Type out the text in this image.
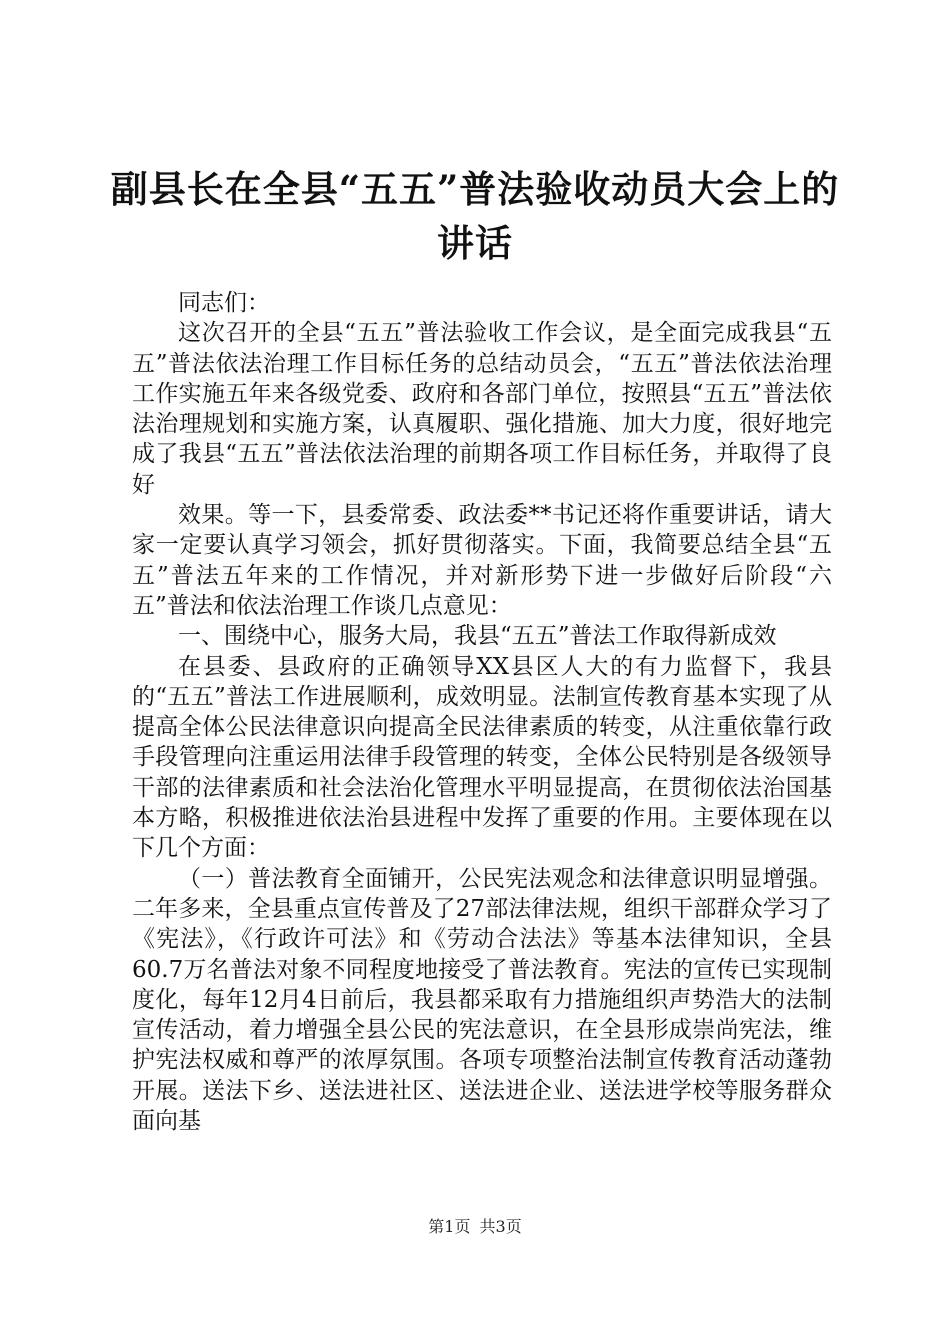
副县长在全县“五五”普法验收动员大会上的
讲话

同志们：

这次召开的全县“五五”普法验收工作会议，是全面完成我县“五五”普法依法治理工作目标任务的总结动员会，“五五”普法依法治理工作实施五年来各级党委、政府和各部门单位，按照县“五五”普法依法治理规划和实施方案，认真履职、强化措施、加大力度，很好地完成了我县“五五”普法依法治理的前期各项工作目标任务，并取得了良好

效果。等一下，县委常委、政法委**书记还将作重要讲话，请大家一定要认真学习领会，抓好贯彻落实。下面，我简要总结全县“五五”普法五年来的工作情况，并对新形势下进一步做好后阶段“六五”普法和依法治理工作谈几点意见：

一、围绕中心，服务大局，我县“五五”普法工作取得新成效

在县委、县政府的正确领导XX县区人大的有力监督下，我县的“五五”普法工作进展顺利，成效明显。法制宣传教育基本实现了从提高全体公民法律意识向提高全民法律素质的转变，从注重依靠行政手段管理向注重运用法律手段管理的转变，全体公民特别是各级领导干部的法律素质和社会法治化管理水平明显提高，在贯彻依法治国基本方略，积极推进依法治县进程中发挥了重要的作用。主要体现在以下几个方面：

（一）普法教育全面铺开，公民宪法观念和法律意识明显增强。二年多来，全县重点宣传普及了27部法律法规，组织干部群众学习了《宪法》，《行政许可法》和《劳动合法法》等基本法律知识，全县60.7万名普法对象不同程度地接受了普法教育。宪法的宣传已实现制度化，每年12月4日前后，我县都采取有力措施组织声势浩大的法制宣传活动，着力增强全县公民的宪法意识，在全县形成崇尚宪法，维护宪法权威和尊严的浓厚氛围。各项专项整治法制宣传教育活动蓬勃开展。送法下乡、送法进社区、送法进企业、送法进学校等服务群众面向基

第1页 共3页
